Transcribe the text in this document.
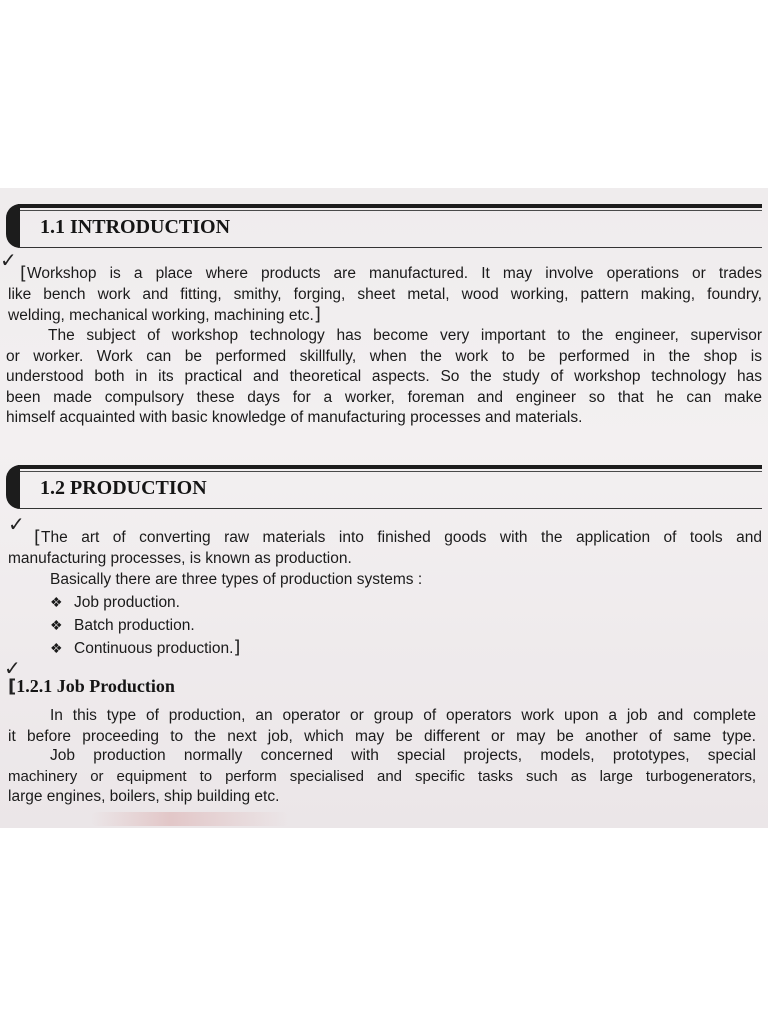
1.1 INTRODUCTION
✓
[ Workshop is a place where products are manufactured. It may involve operations or trades
like bench work and fitting, smithy, forging, sheet metal, wood working, pattern making, foundry,
welding, mechanical working, machining etc.]
The subject of workshop technology has become very important to the engineer, supervisor
or worker. Work can be performed skillfully, when the work to be performed in the shop is
understood both in its practical and theoretical aspects. So the study of workshop technology has
been made compulsory these days for a worker, foreman and engineer so that he can make
himself acquainted with basic knowledge of manufacturing processes and materials.
1.2 PRODUCTION
✓
[ The art of converting raw materials into finished goods with the application of tools and
manufacturing processes, is known as production.
Basically there are three types of production systems :
❖ Job production.
❖ Batch production.
❖ Continuous production.]
✓
[1.2.1 Job Production
In this type of production, an operator or group of operators work upon a job and complete
it before proceeding to the next job, which may be different or may be another of same type.
Job production normally concerned with special projects, models, prototypes, special
machinery or equipment to perform specialised and specific tasks such as large turbogenerators,
large engines, boilers, ship building etc.
